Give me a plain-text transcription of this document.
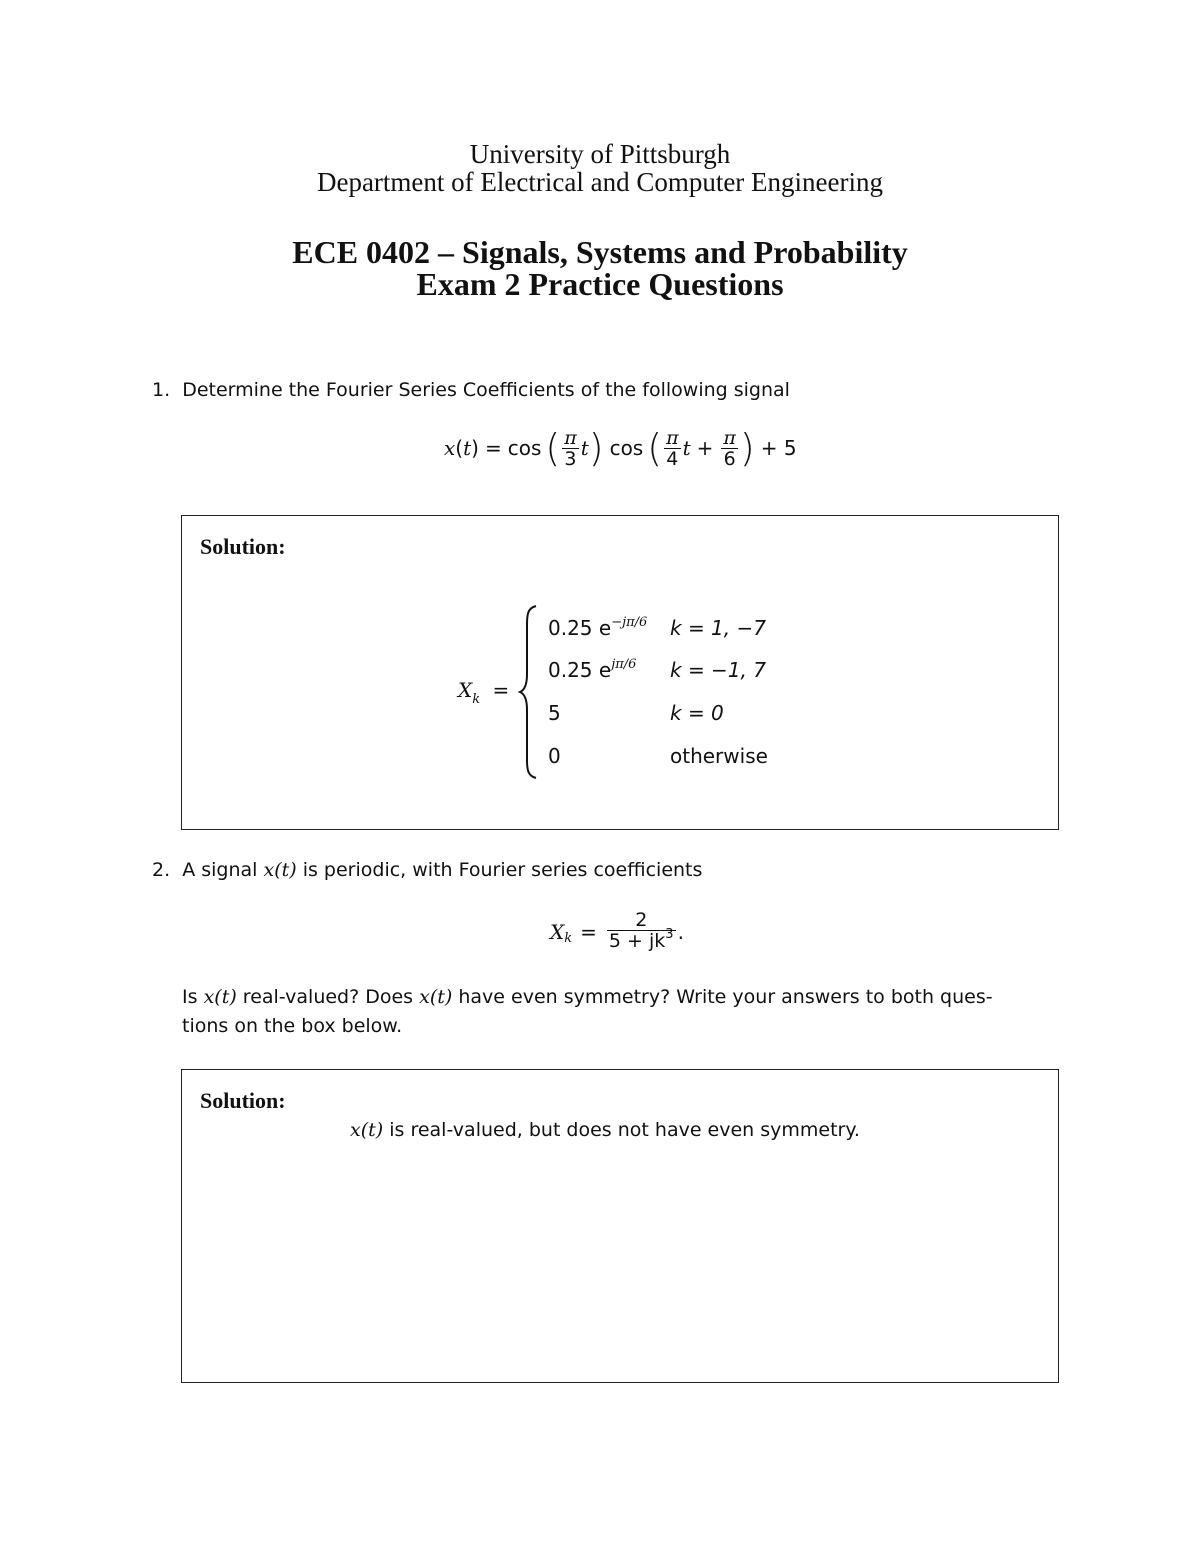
University of Pittsburgh
Department of Electrical and Computer Engineering
ECE 0402 – Signals, Systems and Probability
Exam 2 Practice Questions
1. Determine the Fourier Series Coefficients of the following signal
x ( t ) = cos ( $\frac{\pi}{3}$ t ) cos ( $\frac{\pi}{4}$ $t + \frac{\pi}{6}$ ) + 5
Solution:
$X_k$ =
0.25 $e^{-j\pi/6}$ k = 1, −7
0.25 $e^{j\pi/6}$ k = −1, 7
5	k = 0
0	otherwise
2. A signal x(t) is periodic, with Fourier series coefficients
X $k = \frac{2}{5 + jk^3}$ .
Is x(t) real-valued? Does x(t) have even symmetry? Write your answers to both ques-
tions on the box below.
Solution:
x(t) is real-valued, but does not have even symmetry.
